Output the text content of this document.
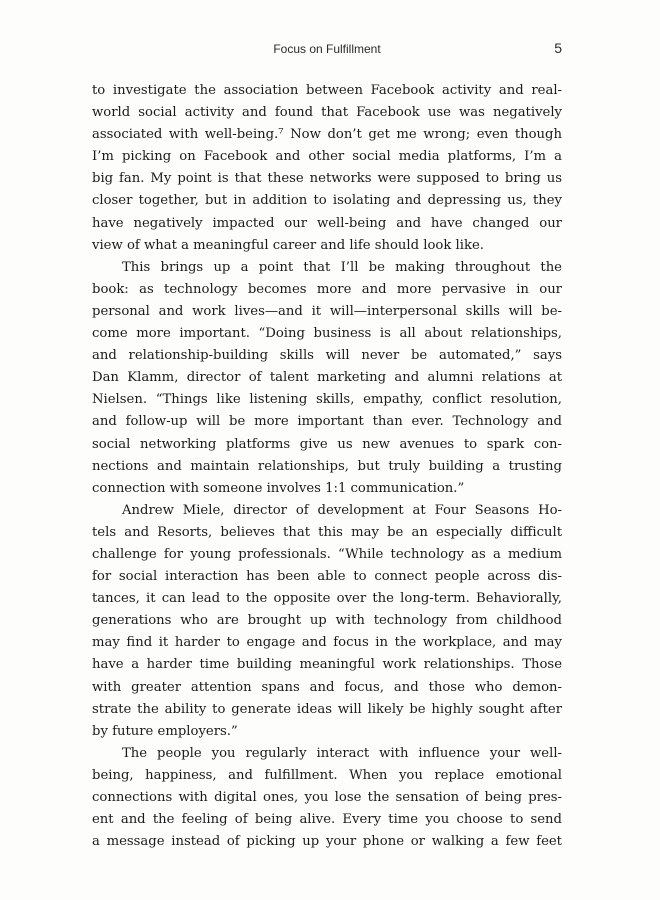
Focus on Fulfillment	5
to investigate the association between Facebook activity and real-
world social activity and found that Facebook use was negatively
associated with well-being.⁷ Now don’t get me wrong; even though
I’m picking on Facebook and other social media platforms, I’m a
big fan. My point is that these networks were supposed to bring us
closer together, but in addition to isolating and depressing us, they
have negatively impacted our well-being and have changed our
view of what a meaningful career and life should look like.
This brings up a point that I’ll be making throughout the
book: as technology becomes more and more pervasive in our
personal and work lives—and it will—interpersonal skills will be-
come more important. “Doing business is all about relationships,
and relationship-building skills will never be automated,” says
Dan Klamm, director of talent marketing and alumni relations at
Nielsen. “Things like listening skills, empathy, conflict resolution,
and follow-up will be more important than ever. Technology and
social networking platforms give us new avenues to spark con-
nections and maintain relationships, but truly building a trusting
connection with someone involves 1:1 communication.”
Andrew Miele, director of development at Four Seasons Ho-
tels and Resorts, believes that this may be an especially difficult
challenge for young professionals. “While technology as a medium
for social interaction has been able to connect people across dis-
tances, it can lead to the opposite over the long-term. Behaviorally,
generations who are brought up with technology from childhood
may find it harder to engage and focus in the workplace, and may
have a harder time building meaningful work relationships. Those
with greater attention spans and focus, and those who demon-
strate the ability to generate ideas will likely be highly sought after
by future employers.”
The people you regularly interact with influence your well-
being, happiness, and fulfillment. When you replace emotional
connections with digital ones, you lose the sensation of being pres-
ent and the feeling of being alive. Every time you choose to send
a message instead of picking up your phone or walking a few feet
